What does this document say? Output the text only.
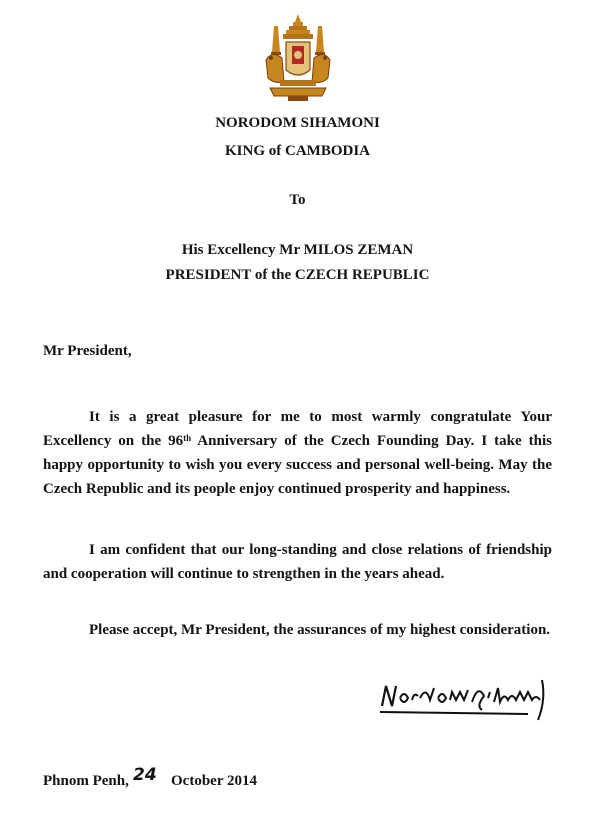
NORODOM SIHAMONI
KING of CAMBODIA
To
His Excellency Mr MILOS ZEMAN
PRESIDENT of the CZECH REPUBLIC
Mr President,

It is a great pleasure for me to most warmly congratulate Your Excellency on the 96th Anniversary of the Czech Founding Day. I take this happy opportunity to wish you every success and personal well-being. May the Czech Republic and its people enjoy continued prosperity and happiness.

I am confident that our long-standing and close relations of friendship and cooperation will continue to strengthen in the years ahead.

Please accept, Mr President, the assurances of my highest consideration.
Phnom Penh, 24 October 2014
